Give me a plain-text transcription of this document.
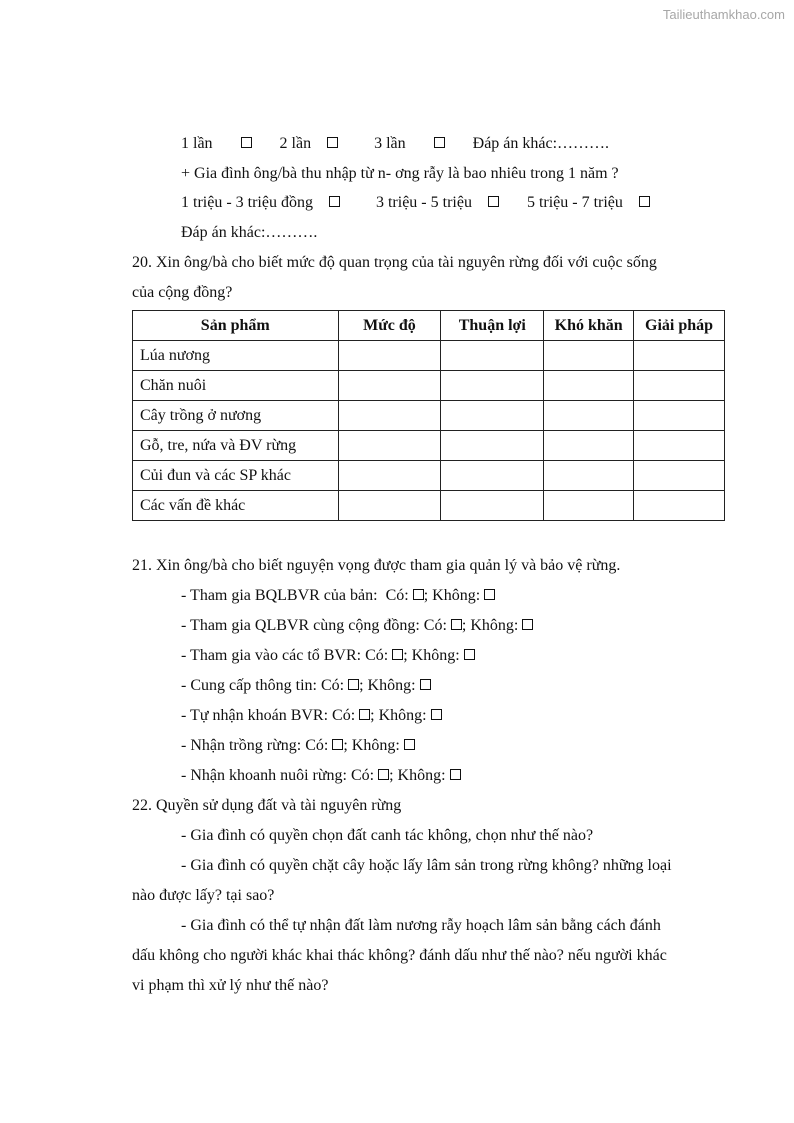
Tailieuthamkhao.com
1 lần	2 lần	3 lần	Đáp án khác:……….
+ Gia đình ông/bà thu nhập từ n- ơng rẫy là bao nhiêu trong 1 năm ?
1 triệu - 3 triệu đồng	3 triệu - 5 triệu	5 triệu - 7 triệu
Đáp án khác:……….
20. Xin ông/bà cho biết mức độ quan trọng của tài nguyên rừng đối với cuộc sống
của cộng đồng?
Sản phẩm	Mức độ	Thuận lợi	Khó khăn	Giải pháp
Lúa nương				
Chăn nuôi				
Cây trồng ở nương				
Gỗ, tre, nứa và ĐV rừng				
Củi đun và các SP khác				
Các vấn đề khác				
21. Xin ông/bà cho biết nguyện vọng được tham gia quản lý và bảo vệ rừng.
- Tham gia BQLBVR của bản: Có: ; Không:
- Tham gia QLBVR cùng cộng đồng: Có: ; Không:
- Tham gia vào các tổ BVR: Có: ; Không:
- Cung cấp thông tin: Có: ; Không:
- Tự nhận khoán BVR: Có: ; Không:
- Nhận trồng rừng: Có: ; Không:
- Nhận khoanh nuôi rừng: Có: ; Không:
22. Quyền sử dụng đất và tài nguyên rừng
- Gia đình có quyền chọn đất canh tác không, chọn như thế nào?
- Gia đình có quyền chặt cây hoặc lấy lâm sản trong rừng không? những loại
nào được lấy? tại sao?
- Gia đình có thể tự nhận đất làm nương rẫy hoạch lâm sản bằng cách đánh
dấu không cho người khác khai thác không? đánh dấu như thế nào? nếu người khác
vi phạm thì xử lý như thế nào?
